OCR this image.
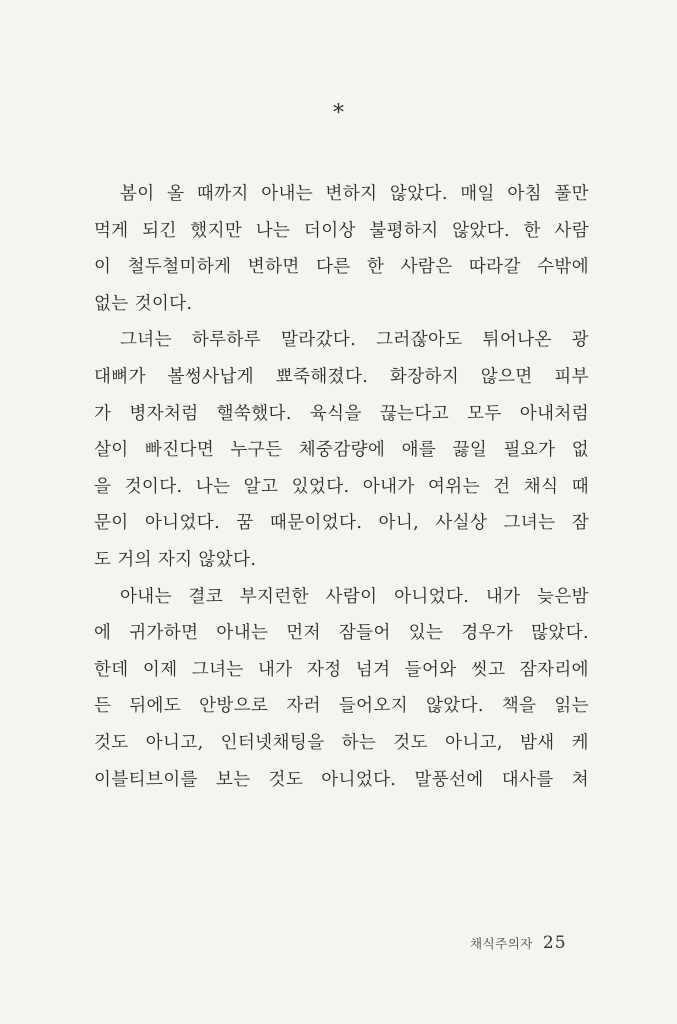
*
봄이 올 때까지 아내는 변하지 않았다. 매일 아침 풀만
먹게 되긴 했지만 나는 더이상 불평하지 않았다. 한 사람
이 철두철미하게 변하면 다른 한 사람은 따라갈 수밖에
없는 것이다.
그녀는 하루하루 말라갔다. 그러잖아도 튀어나온 광
대뼈가 볼썽사납게 뾰죽해졌다. 화장하지 않으면 피부
가 병자처럼 핼쑥했다. 육식을 끊는다고 모두 아내처럼
살이 빠진다면 누구든 체중감량에 애를 끓일 필요가 없
을 것이다. 나는 알고 있었다. 아내가 여위는 건 채식 때
문이 아니었다. 꿈 때문이었다. 아니, 사실상 그녀는 잠
도 거의 자지 않았다.
아내는 결코 부지런한 사람이 아니었다. 내가 늦은밤
에 귀가하면 아내는 먼저 잠들어 있는 경우가 많았다.
한데 이제 그녀는 내가 자정 넘겨 들어와 씻고 잠자리에
든 뒤에도 안방으로 자러 들어오지 않았다. 책을 읽는
것도 아니고, 인터넷채팅을 하는 것도 아니고, 밤새 케
이블티브이를 보는 것도 아니었다. 말풍선에 대사를 쳐
채식주의자 25
